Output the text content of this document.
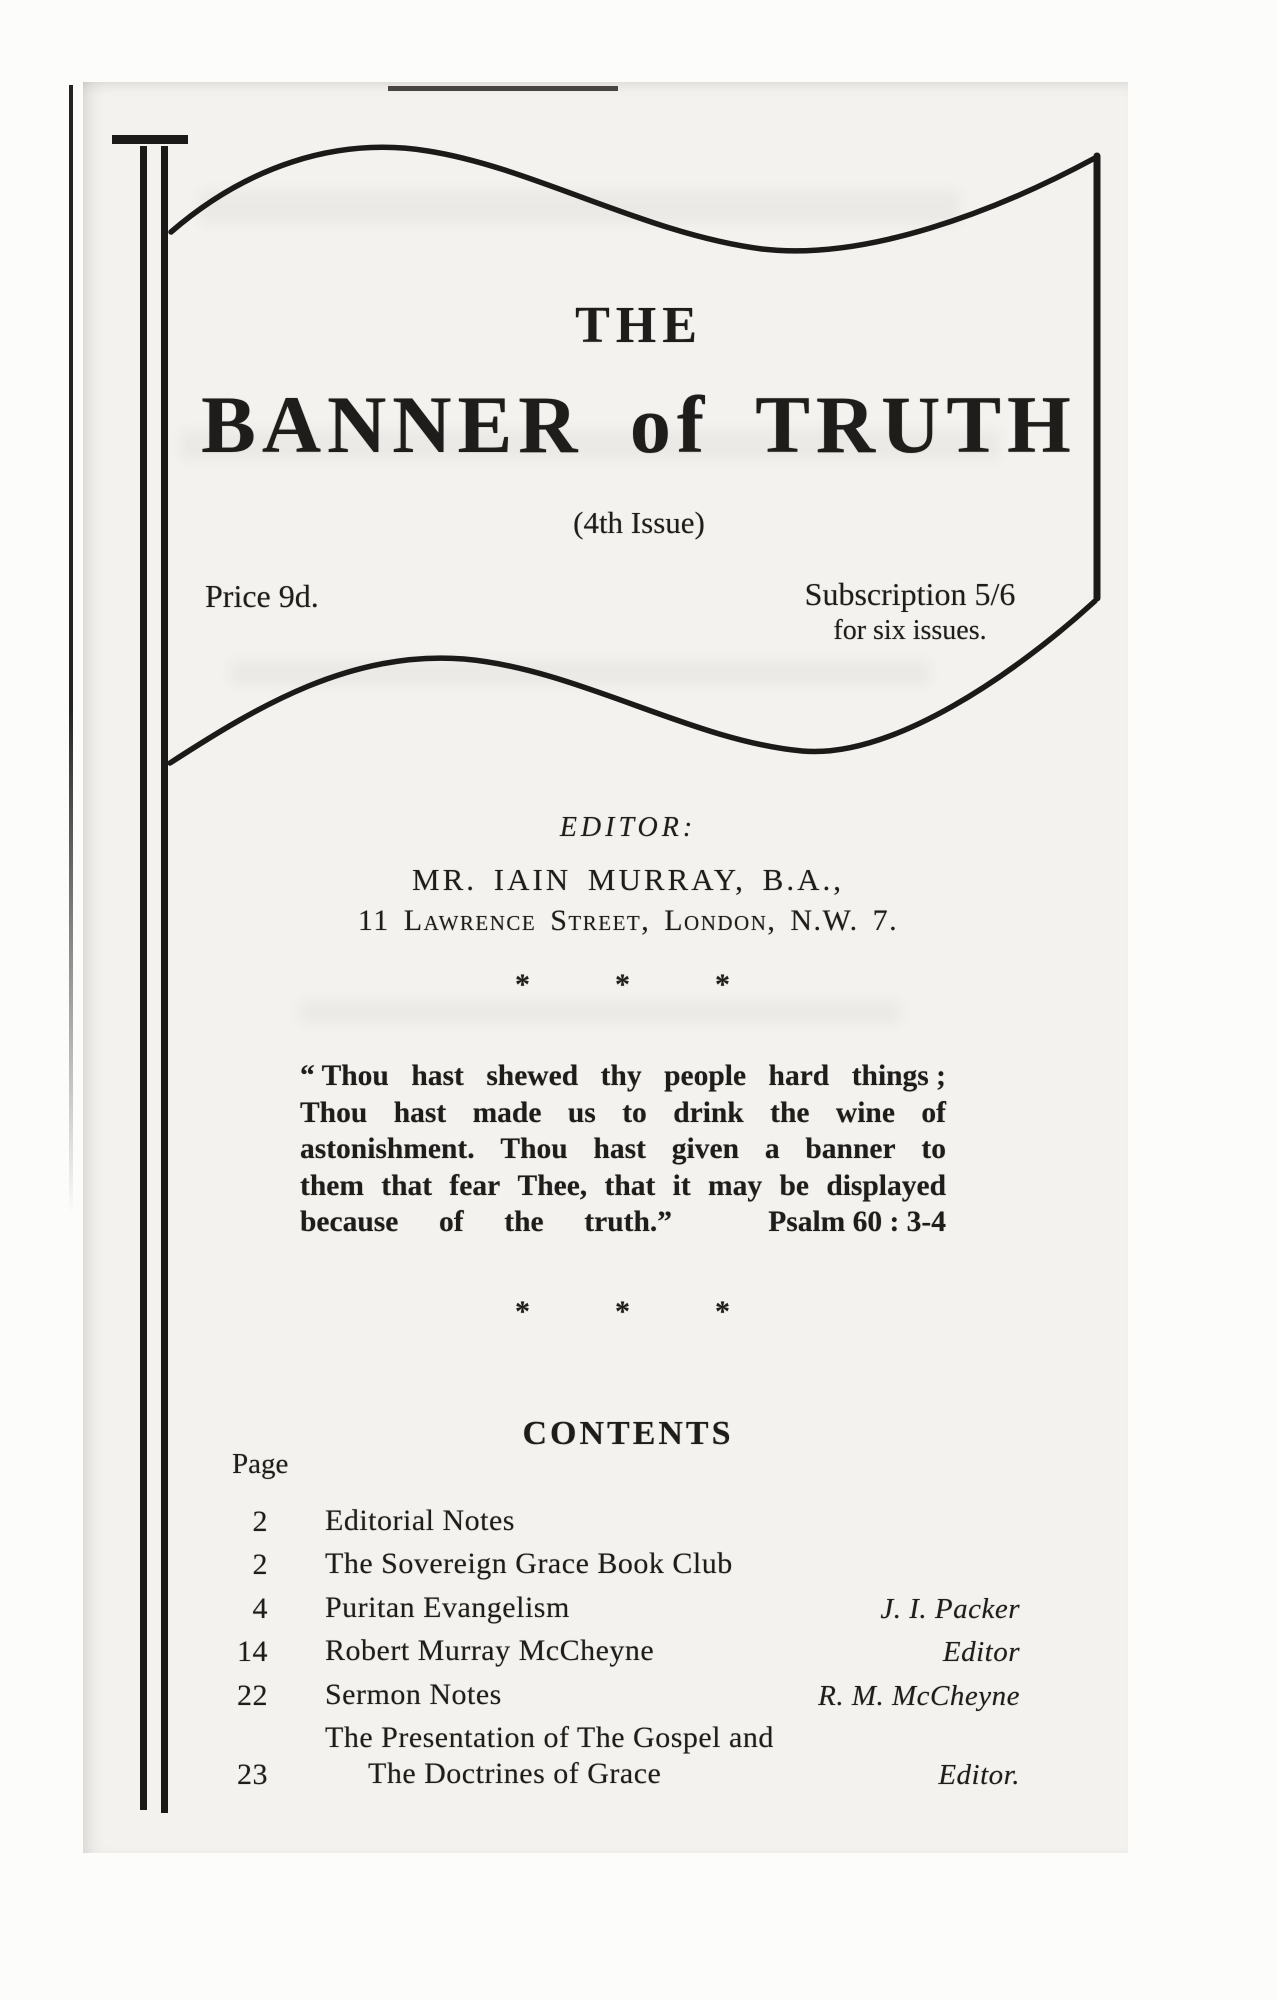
THE
BANNER of TRUTH
(4th Issue)
Price 9d.	Subscription 5/6
for six issues.
EDITOR:
MR. IAIN MURRAY, B.A.,
11 Lawrence Street, London, N.W. 7.
*	*	*
*	*	*
“ Thou hast shewed thy people hard things ;
Thou hast made us to drink the wine of
astonishment. Thou hast given a banner to
them that fear Thee, that it may be displayed
because of the truth.”	Psalm 60 : 3-4
CONTENTS
Page
2 Editorial Notes
2 The Sovereign Grace Book Club
4 Puritan Evangelism	J. I. Packer
14 Robert Murray McCheyne	Editor
22 Sermon Notes	R. M. McCheyne
23
The Presentation of The Gospel and
The Doctrines of Grace	Editor.
